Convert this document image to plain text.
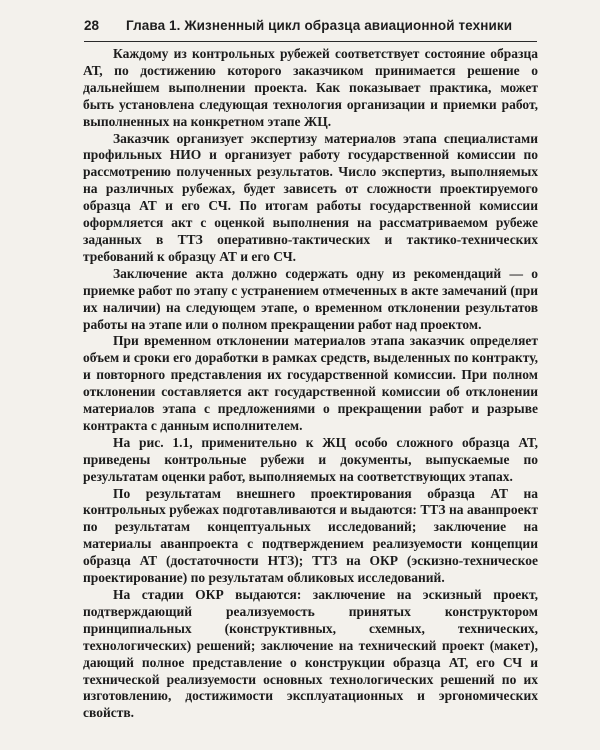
28	Глава 1. Жизненный цикл образца авиационной техники

Каждому из контрольных рубежей соответствует состояние образца АТ, по достижению которого заказчиком принимается решение о дальнейшем выполнении проекта. Как показывает практика, может быть установлена следующая технология организации и приемки работ, выполненных на конкретном этапе ЖЦ.

Заказчик организует экспертизу материалов этапа специалистами профильных НИО и организует работу государственной комиссии по рассмотрению полученных результатов. Число экспертиз, выполняемых на различных рубежах, будет зависеть от сложности проектируемого образца АТ и его СЧ. По итогам работы государственной комиссии оформляется акт с оценкой выполнения на рассматриваемом рубеже заданных в ТТЗ оперативно-тактических и тактико-технических требований к образцу АТ и его СЧ.

Заключение акта должно содержать одну из рекомендаций — о приемке работ по этапу с устранением отмеченных в акте замечаний (при их наличии) на следующем этапе, о временном отклонении результатов работы на этапе или о полном прекращении работ над проектом.

При временном отклонении материалов этапа заказчик определяет объем и сроки его доработки в рамках средств, выделенных по контракту, и повторного представления их государственной комиссии. При полном отклонении составляется акт государственной комиссии об отклонении материалов этапа с предложениями о прекращении работ и разрыве контракта с данным исполнителем.

На рис. 1.1, применительно к ЖЦ особо сложного образца АТ, приведены контрольные рубежи и документы, выпускаемые по результатам оценки работ, выполняемых на соответствующих этапах.

По результатам внешнего проектирования образца АТ на контрольных рубежах подготавливаются и выдаются: ТТЗ на аванпроект по результатам концептуальных исследований; заключение на материалы аванпроекта с подтверждением реализуемости концепции образца АТ (достаточности НТЗ); ТТЗ на ОКР (эскизно-техническое проектирование) по результатам обликовых исследований.

На стадии ОКР выдаются: заключение на эскизный проект, подтверждающий реализуемость принятых конструктором принципиальных (конструктивных, схемных, технических, технологических) решений; заключение на технический проект (макет), дающий полное представление о конструкции образца АТ, его СЧ и технической реализуемости основных технологических решений по их изготовлению, достижимости эксплуатационных и эргономических свойств.
